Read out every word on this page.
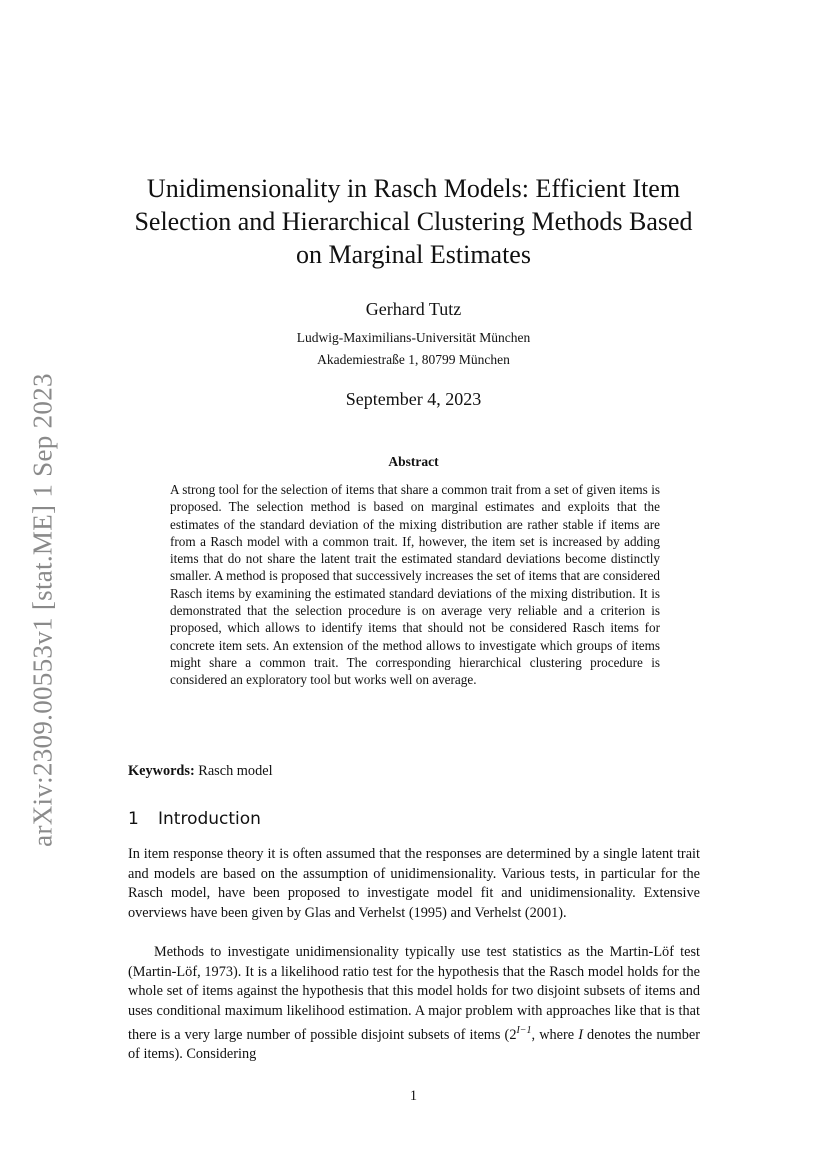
arXiv:2309.00553v1 [stat.ME] 1 Sep 2023
Unidimensionality in Rasch Models: Efficient Item Selection and Hierarchical Clustering Methods Based on Marginal Estimates
Gerhard Tutz
Ludwig-Maximilians-Universität München
Akademiestraße 1, 80799 München
September 4, 2023
Abstract

A strong tool for the selection of items that share a common trait from a set of given items is proposed. The selection method is based on marginal estimates and exploits that the estimates of the standard deviation of the mixing distribution are rather stable if items are from a Rasch model with a common trait. If, however, the item set is increased by adding items that do not share the latent trait the estimated standard deviations become distinctly smaller. A method is proposed that successively increases the set of items that are considered Rasch items by examining the estimated standard deviations of the mixing distribution. It is demonstrated that the selection procedure is on average very reliable and a criterion is proposed, which allows to identify items that should not be considered Rasch items for concrete item sets. An extension of the method allows to investigate which groups of items might share a common trait. The corresponding hierarchical clustering procedure is considered an exploratory tool but works well on average.

Keywords: Rasch model
1 Introduction

In item response theory it is often assumed that the responses are determined by a single latent trait and models are based on the assumption of unidimensionality. Various tests, in particular for the Rasch model, have been proposed to investigate model fit and unidimensionality. Extensive overviews have been given by Glas and Verhelst (1995) and Verhelst (2001).

Methods to investigate unidimensionality typically use test statistics as the Martin-Löf test (Martin-Löf, 1973). It is a likelihood ratio test for the hypothesis that the Rasch model holds for the whole set of items against the hypothesis that this model holds for two disjoint subsets of items and uses conditional maximum likelihood estimation. A major problem with approaches like that is that there is a very large number of possible disjoint subsets of items ($2^{I-1}$, where I denotes the number of items). Considering

1
